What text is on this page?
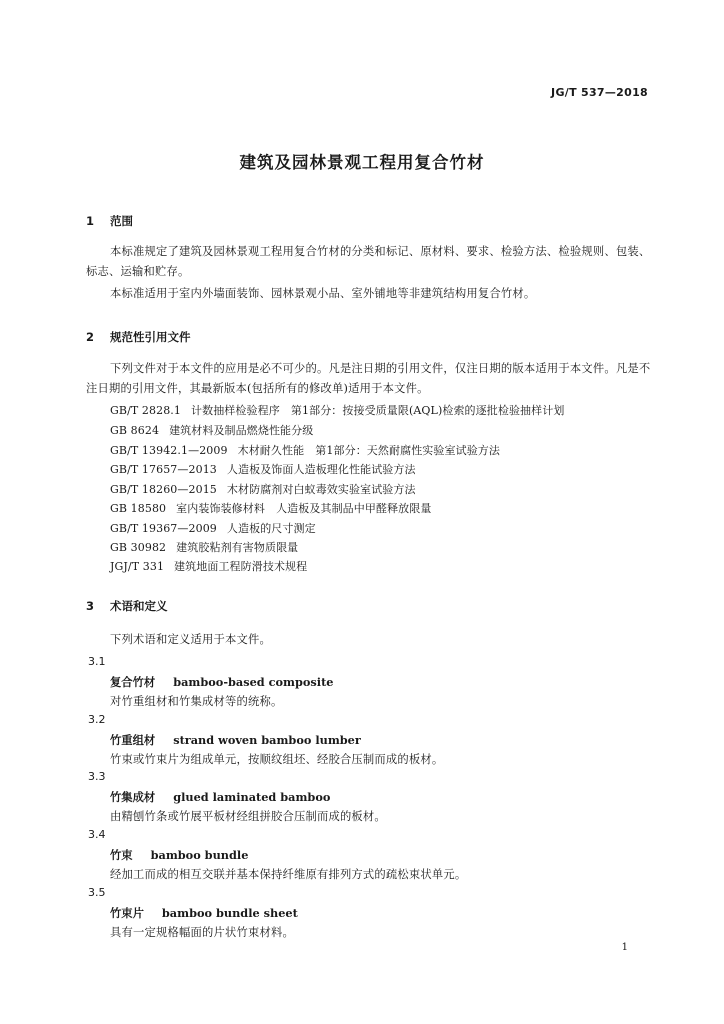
JG/T 537—2018
建筑及园林景观工程用复合竹材
1 范围
本标准规定了建筑及园林景观工程用复合竹材的分类和标记、原材料、要求、检验方法、检验规则、包装、标志、运输和贮存。
本标准适用于室内外墙面装饰、园林景观小品、室外铺地等非建筑结构用复合竹材。
2 规范性引用文件
下列文件对于本文件的应用是必不可少的。凡是注日期的引用文件，仅注日期的版本适用于本文件。凡是不注日期的引用文件，其最新版本(包括所有的修改单)适用于本文件。
GB/T 2828.1 计数抽样检验程序　第1部分：按接受质量限(AQL)检索的逐批检验抽样计划
GB 8624 建筑材料及制品燃烧性能分级
GB/T 13942.1—2009 木材耐久性能　第1部分：天然耐腐性实验室试验方法
GB/T 17657—2013 人造板及饰面人造板理化性能试验方法
GB/T 18260—2015 木材防腐剂对白蚁毒效实验室试验方法
GB 18580 室内装饰装修材料　人造板及其制品中甲醛释放限量
GB/T 19367—2009 人造板的尺寸测定
GB 30982 建筑胶粘剂有害物质限量
JGJ/T 331 建筑地面工程防滑技术规程
3 术语和定义
下列术语和定义适用于本文件。
3.1
复合竹材 bamboo-based composite
对竹重组材和竹集成材等的统称。
3.2
竹重组材 strand woven bamboo lumber
竹束或竹束片为组成单元，按顺纹组坯、经胶合压制而成的板材。
3.3
竹集成材 glued laminated bamboo
由精刨竹条或竹展平板材经组拼胶合压制而成的板材。
3.4
竹束 bamboo bundle
经加工而成的相互交联并基本保持纤维原有排列方式的疏松束状单元。
3.5
竹束片 bamboo bundle sheet
具有一定规格幅面的片状竹束材料。
1
